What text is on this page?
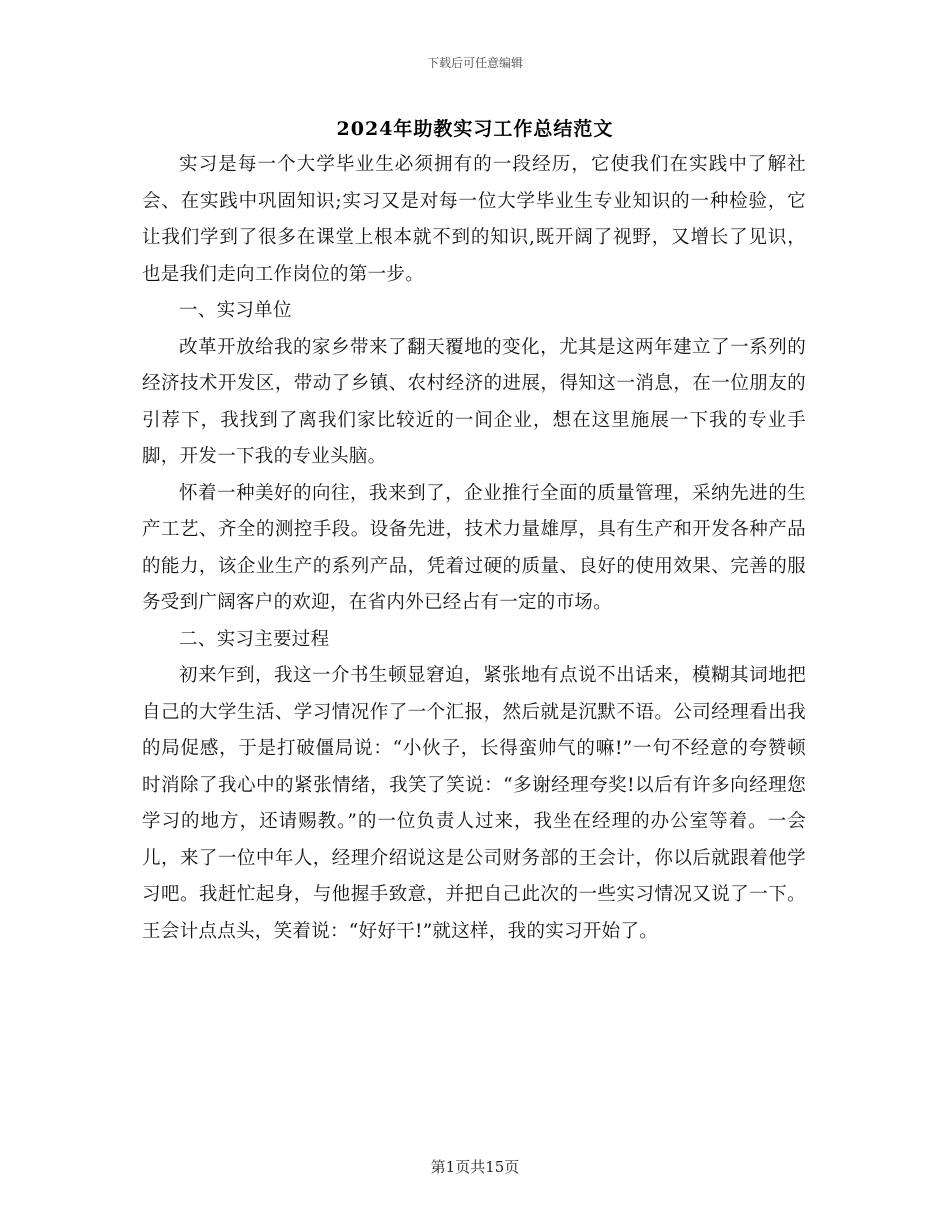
下载后可任意编辑
2024年助教实习工作总结范文

实习是每一个大学毕业生必须拥有的一段经历，它使我们在实践中了解社会、在实践中巩固知识;实习又是对每一位大学毕业生专业知识的一种检验，它让我们学到了很多在课堂上根本就不到的知识,既开阔了视野，又增长了见识，也是我们走向工作岗位的第一步。

一、实习单位

改革开放给我的家乡带来了翻天覆地的变化，尤其是这两年建立了一系列的经济技术开发区，带动了乡镇、农村经济的进展，得知这一消息，在一位朋友的引荐下，我找到了离我们家比较近的一间企业，想在这里施展一下我的专业手脚，开发一下我的专业头脑。

怀着一种美好的向往，我来到了，企业推行全面的质量管理，采纳先进的生产工艺、齐全的测控手段。设备先进，技术力量雄厚，具有生产和开发各种产品的能力，该企业生产的系列产品，凭着过硬的质量、良好的使用效果、完善的服务受到广阔客户的欢迎，在省内外已经占有一定的市场。

二、实习主要过程

初来乍到，我这一介书生顿显窘迫，紧张地有点说不出话来，模糊其词地把自己的大学生活、学习情况作了一个汇报，然后就是沉默不语。公司经理看出我的局促感，于是打破僵局说：“小伙子，长得蛮帅气的嘛!”一句不经意的夸赞顿时消除了我心中的紧张情绪，我笑了笑说：“多谢经理夸奖!以后有许多向经理您学习的地方，还请赐教。”的一位负责人过来，我坐在经理的办公室等着。一会儿，来了一位中年人，经理介绍说这是公司财务部的王会计，你以后就跟着他学习吧。我赶忙起身，与他握手致意，并把自己此次的一些实习情况又说了一下。王会计点点头，笑着说：“好好干!”就这样，我的实习开始了。

第1页共15页
